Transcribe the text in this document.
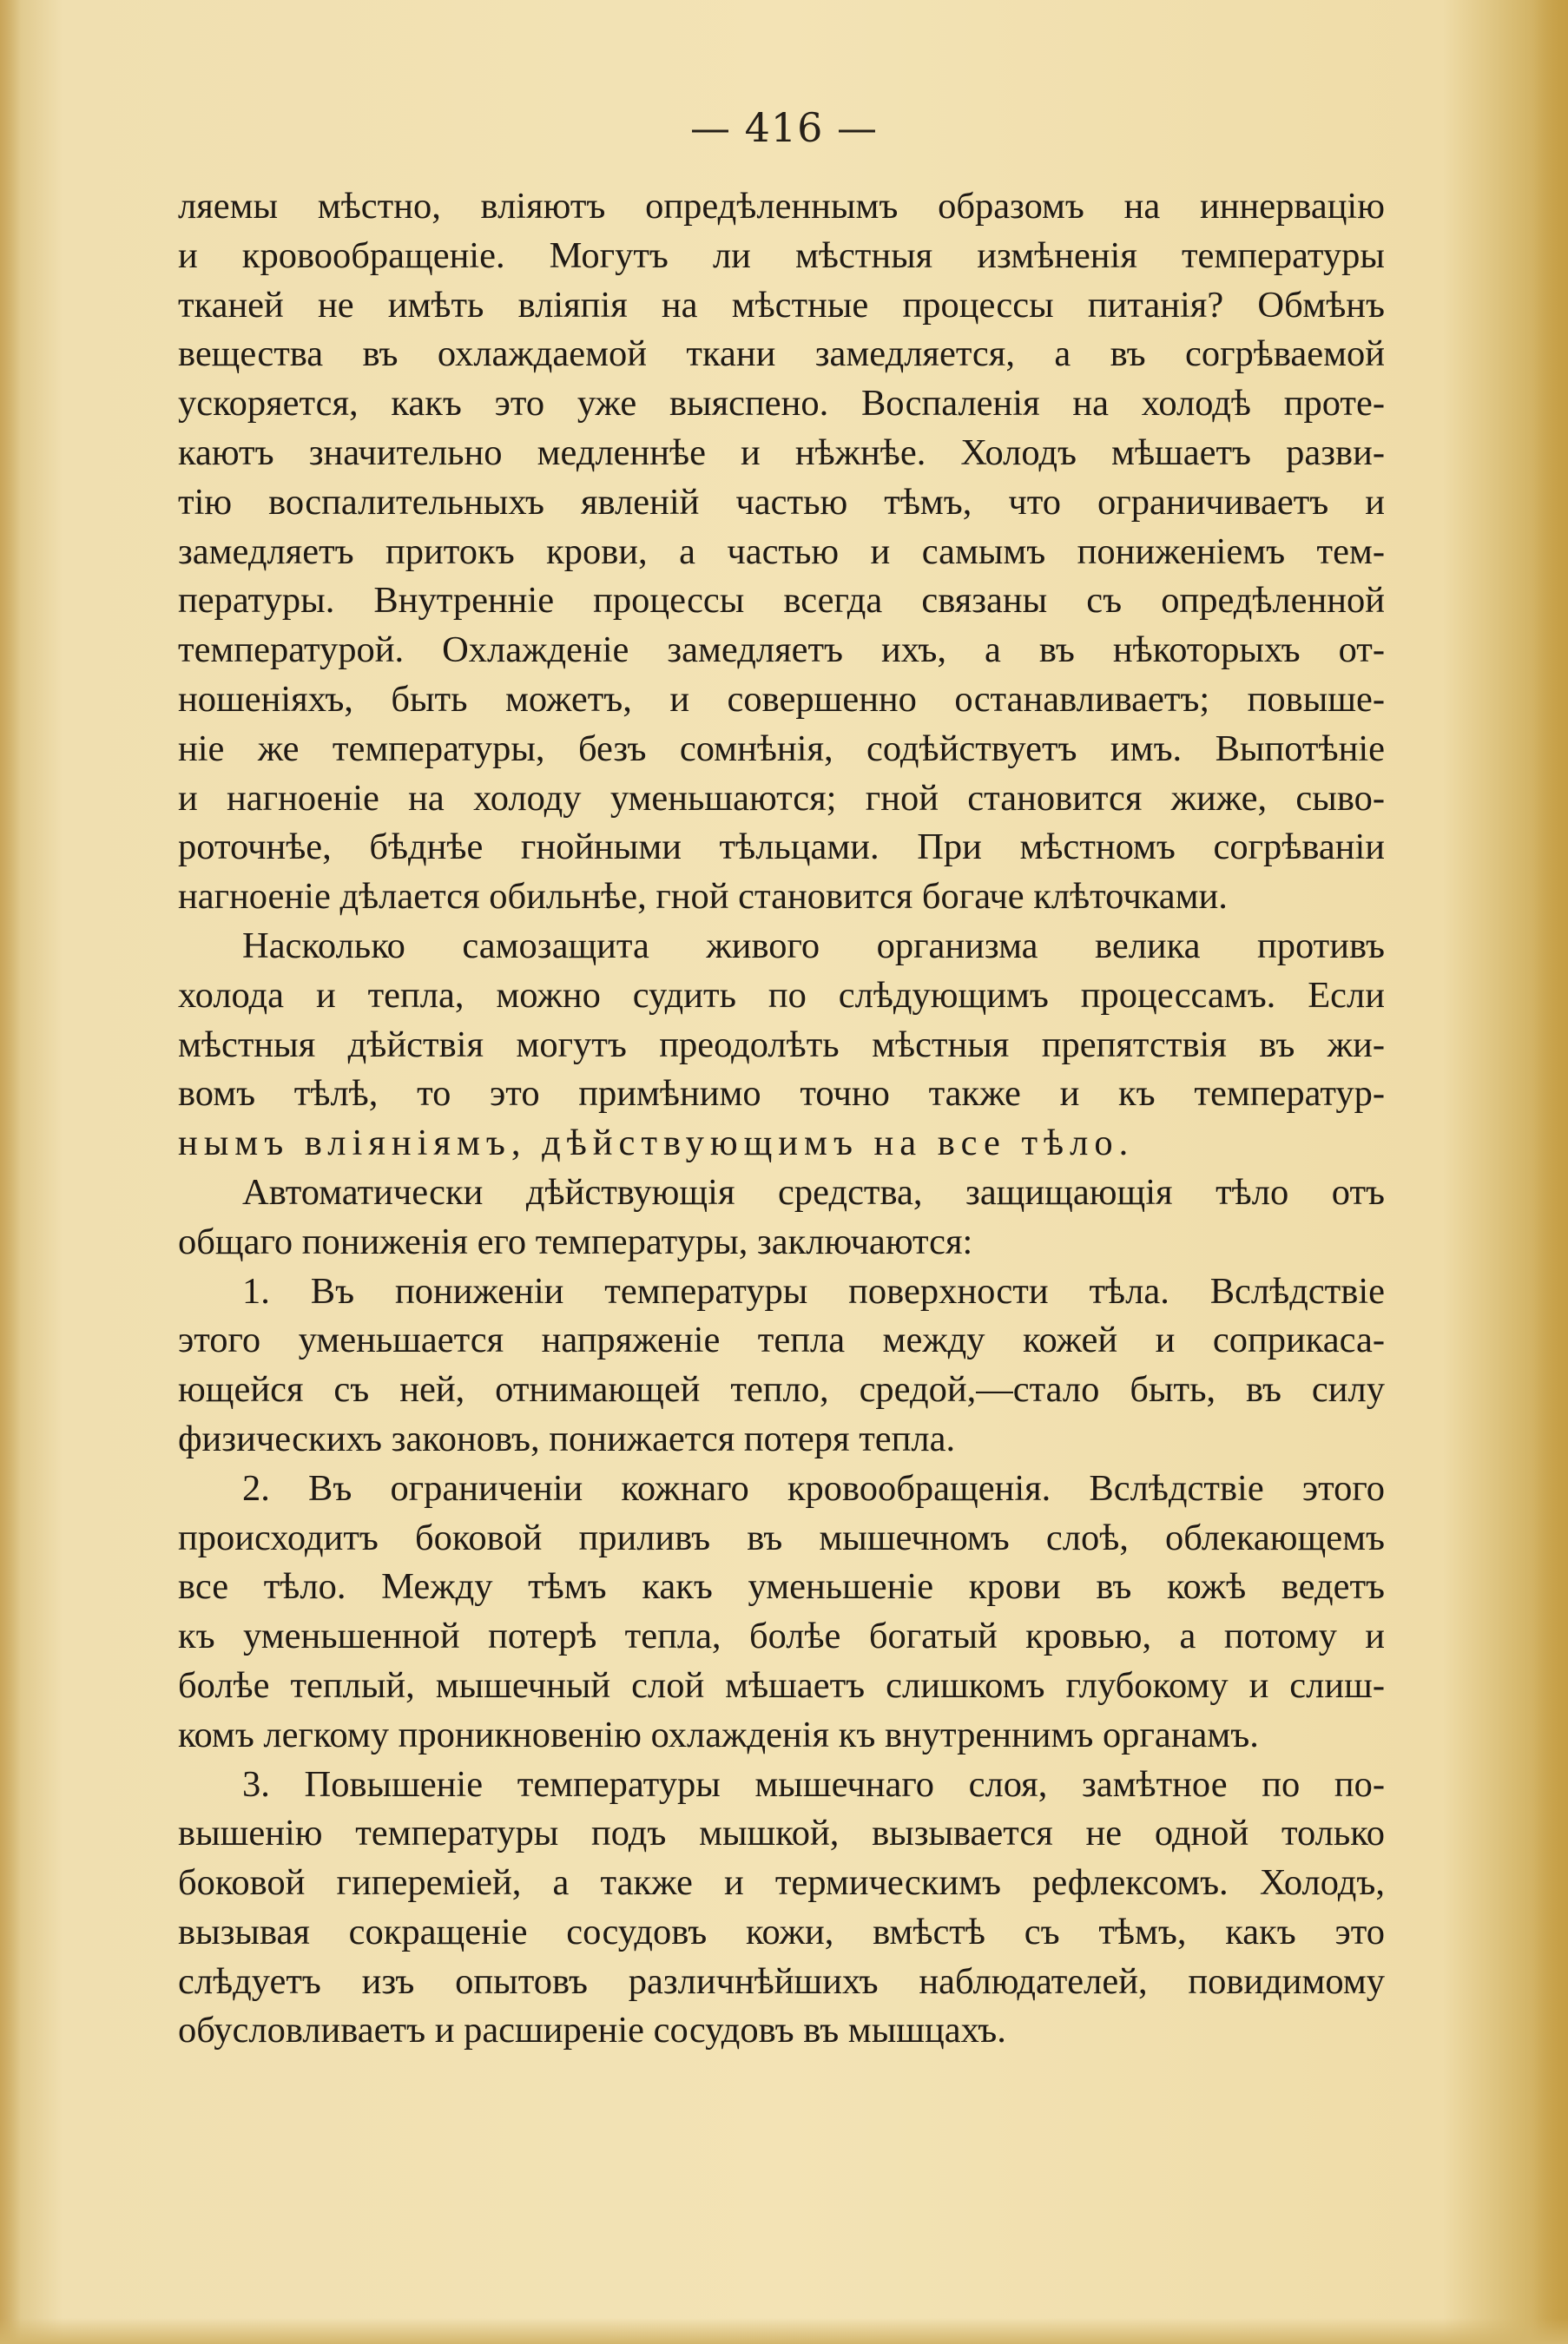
— 416 —
ляемы мѣстно, вліяютъ опредѣленнымъ образомъ на иннервацію
и кровообращеніе. Могутъ ли мѣстныя измѣненія температуры
тканей не имѣть вліяпія на мѣстные процессы питанія? Обмѣнъ
вещества въ охлаждаемой ткани замедляется, а въ согрѣваемой
ускоряется, какъ это уже выяспено. Воспаленія на холодѣ проте-
каютъ значительно медленнѣе и нѣжнѣе. Холодъ мѣшаетъ разви-
тію воспалительныхъ явленій частью тѣмъ, что ограничиваетъ и
замедляетъ притокъ крови, а частью и самымъ пониженіемъ тем-
пературы. Внутренніе процессы всегда связаны съ опредѣленной
температурой. Охлажденіе замедляетъ ихъ, а въ нѣкоторыхъ от-
ношеніяхъ, быть можетъ, и совершенно останавливаетъ; повыше-
ніе же температуры, безъ сомнѣнія, содѣйствуетъ имъ. Выпотѣніе
и нагноеніе на холоду уменьшаются; гной становится жиже, сыво-
роточнѣе, бѣднѣе гнойными тѣльцами. При мѣстномъ согрѣваніи
нагноеніе дѣлается обильнѣе, гной становится богаче клѣточками.
Насколько самозащита живого организма велика противъ
холода и тепла, можно судить по слѣдующимъ процессамъ. Если
мѣстныя дѣйствія могутъ преодолѣть мѣстныя препятствія въ жи-
вомъ тѣлѣ, то это примѣнимо точно также и къ температур-
нымъ вліяніямъ, дѣйствующимъ на все тѣло.
Автоматически дѣйствующія средства, защищающія тѣло отъ
общаго пониженія его температуры, заключаются:
1. Въ пониженіи температуры поверхности тѣла. Вслѣдствіе
этого уменьшается напряженіе тепла между кожей и соприкаса-
ющейся съ ней, отнимающей тепло, средой,—стало быть, въ силу
физическихъ законовъ, понижается потеря тепла.
2. Въ ограниченіи кожнаго кровообращенія. Вслѣдствіе этого
происходитъ боковой приливъ въ мышечномъ слоѣ, облекающемъ
все тѣло. Между тѣмъ какъ уменьшеніе крови въ кожѣ ведетъ
къ уменьшенной потерѣ тепла, болѣе богатый кровью, а потому и
болѣе теплый, мышечный слой мѣшаетъ слишкомъ глубокому и слиш-
комъ легкому проникновенію охлажденія къ внутреннимъ органамъ.
3. Повышеніе температуры мышечнаго слоя, замѣтное по по-
вышенію температуры подъ мышкой, вызывается не одной только
боковой гиперемiей, а также и термическимъ рефлексомъ. Холодъ,
вызывая сокращеніе сосудовъ кожи, вмѣстѣ съ тѣмъ, какъ это
слѣдуетъ изъ опытовъ различнѣйшихъ наблюдателей, повидимому
обусловливаетъ и расширеніе сосудовъ въ мышцахъ.
